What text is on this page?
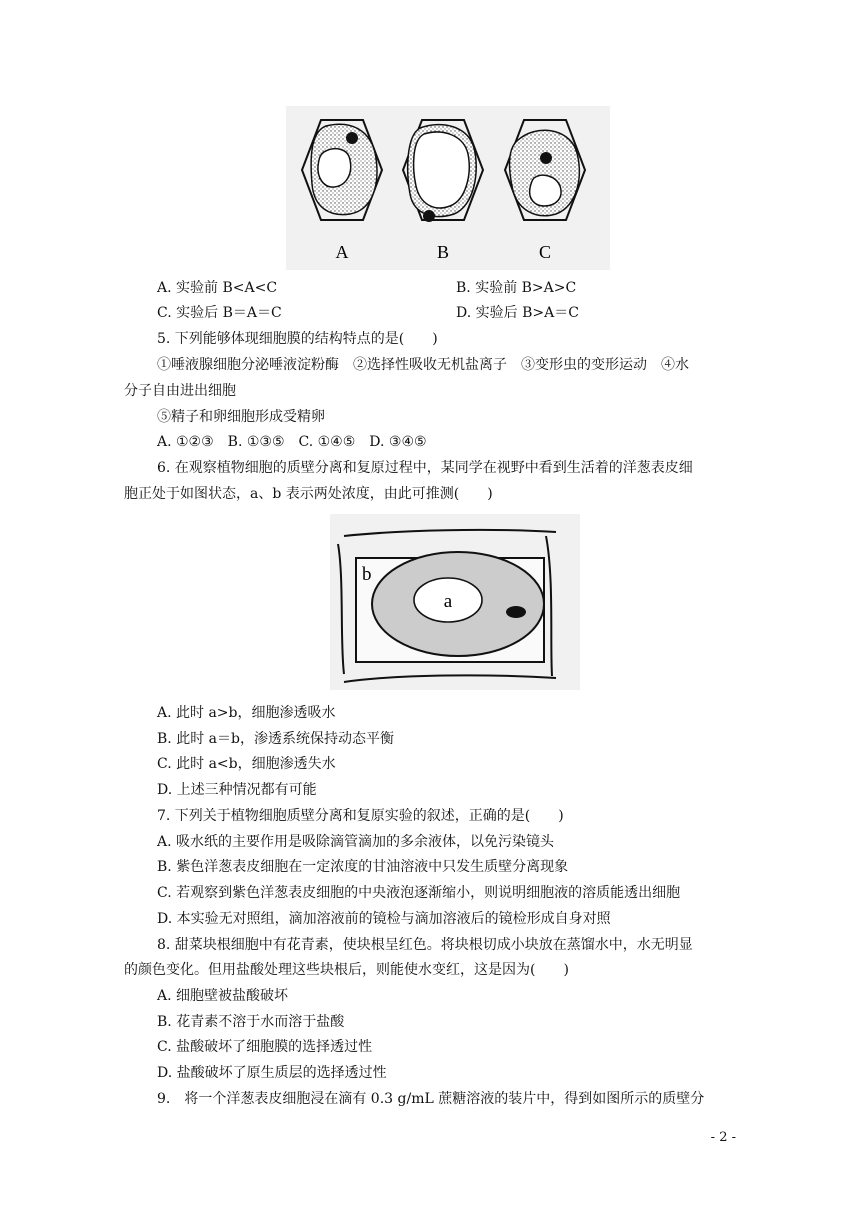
A	B	C
A. 实验前 B<A<C	B. 实验前 B>A>C
C. 实验后 B＝A＝C	D. 实验后 B>A＝C
5. 下列能够体现细胞膜的结构特点的是(　　)
①唾液腺细胞分泌唾液淀粉酶　②选择性吸收无机盐离子　③变形虫的变形运动　④水
分子自由进出细胞
⑤精子和卵细胞形成受精卵
A. ①②③　B. ①③⑤　C. ①④⑤　D. ③④⑤
6. 在观察植物细胞的质壁分离和复原过程中，某同学在视野中看到生活着的洋葱表皮细
胞正处于如图状态，a、b 表示两处浓度，由此可推测(　　)
a
b
A. 此时 a>b，细胞渗透吸水
B. 此时 a＝b，渗透系统保持动态平衡
C. 此时 a<b，细胞渗透失水
D. 上述三种情况都有可能
7. 下列关于植物细胞质壁分离和复原实验的叙述，正确的是(　　)
A. 吸水纸的主要作用是吸除滴管滴加的多余液体，以免污染镜头
B. 紫色洋葱表皮细胞在一定浓度的甘油溶液中只发生质壁分离现象
C. 若观察到紫色洋葱表皮细胞的中央液泡逐渐缩小，则说明细胞液的溶质能透出细胞
D. 本实验无对照组，滴加溶液前的镜检与滴加溶液后的镜检形成自身对照
8. 甜菜块根细胞中有花青素，使块根呈红色。将块根切成小块放在蒸馏水中，水无明显
的颜色变化。但用盐酸处理这些块根后，则能使水变红，这是因为(　　)
A. 细胞壁被盐酸破坏
B. 花青素不溶于水而溶于盐酸
C. 盐酸破坏了细胞膜的选择透过性
D. 盐酸破坏了原生质层的选择透过性
9.　将一个洋葱表皮细胞浸在滴有 0.3 g/mL 蔗糖溶液的装片中，得到如图所示的质壁分
- 2 -
